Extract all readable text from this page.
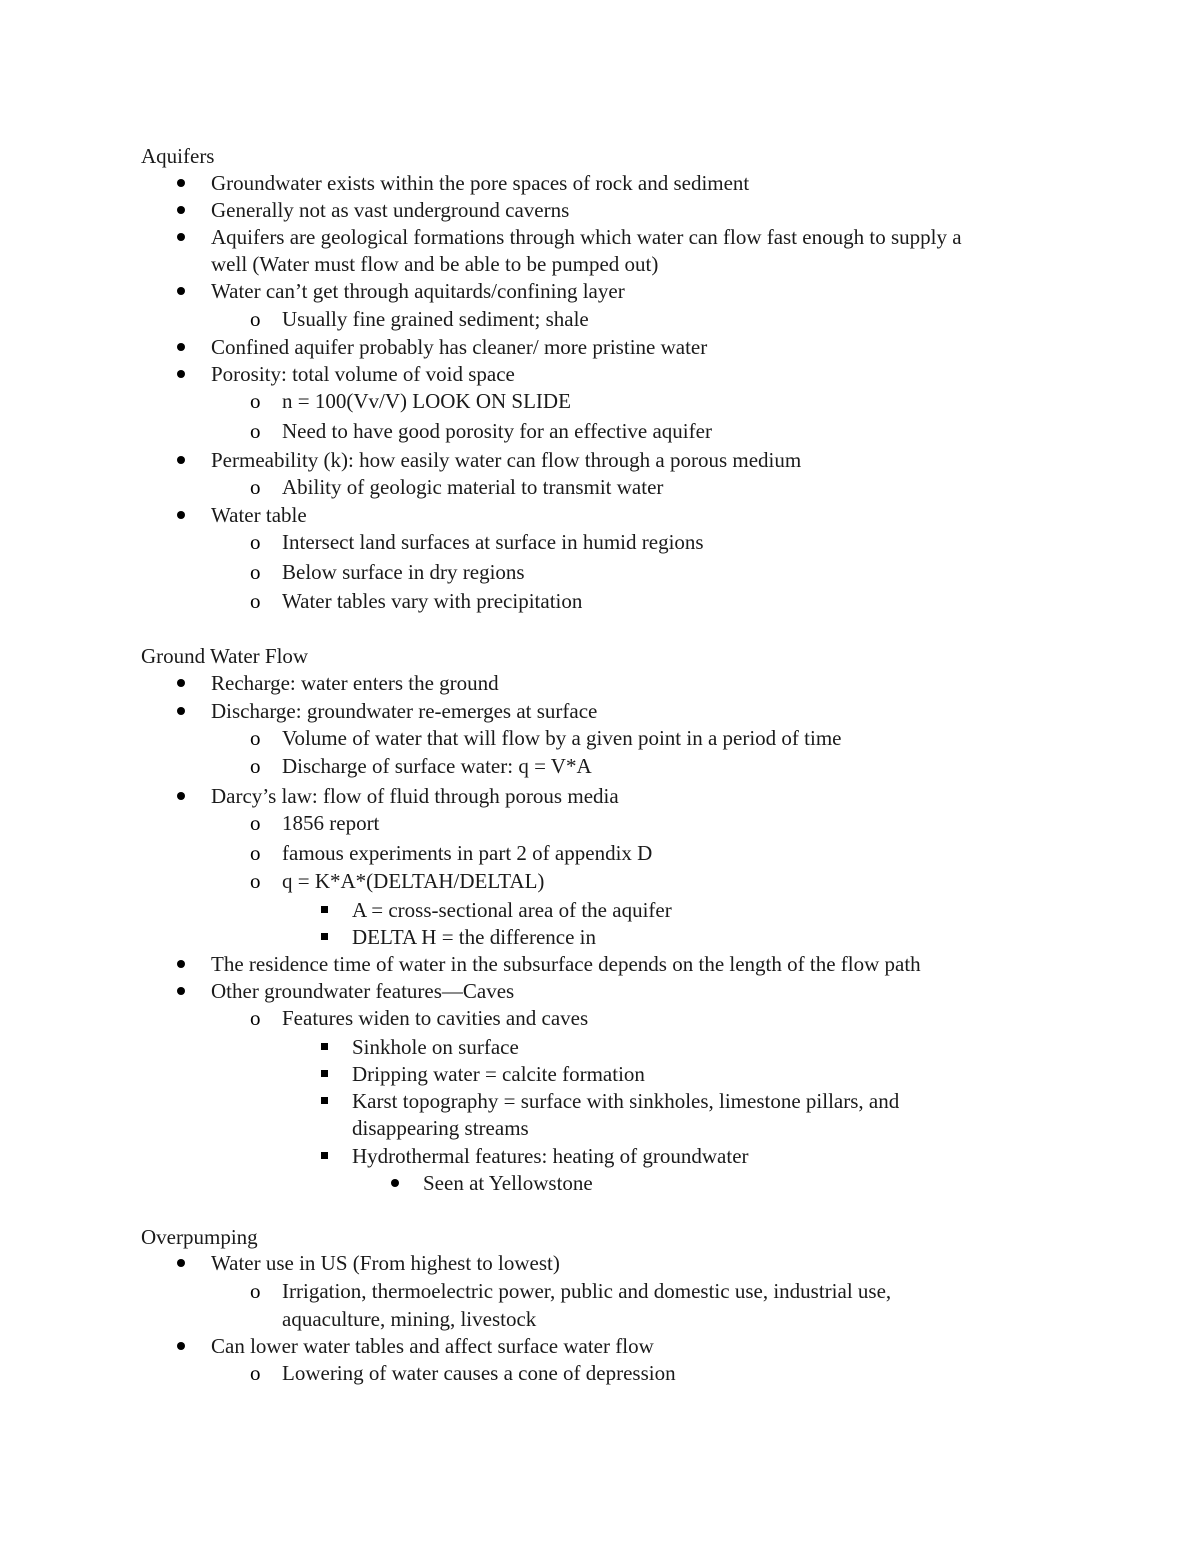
Aquifers
Groundwater exists within the pore spaces of rock and sediment
Generally not as vast underground caverns
Aquifers are geological formations through which water can flow fast enough to supply a
well (Water must flow and be able to be pumped out)
Water can’t get through aquitards/confining layer
o
Usually fine grained sediment; shale
Confined aquifer probably has cleaner/ more pristine water
Porosity: total volume of void space
o
n = 100(Vv/V) LOOK ON SLIDE
o
Need to have good porosity for an effective aquifer
Permeability (k): how easily water can flow through a porous medium
o
Ability of geologic material to transmit water
Water table
o
Intersect land surfaces at surface in humid regions
o
Below surface in dry regions
o
Water tables vary with precipitation
Ground Water Flow
Recharge: water enters the ground
Discharge: groundwater re-emerges at surface
o
Volume of water that will flow by a given point in a period of time
o
Discharge of surface water: q = V*A
Darcy’s law: flow of fluid through porous media
o
1856 report
o
famous experiments in part 2 of appendix D
o
q = K*A*(DELTAH/DELTAL)
A = cross-sectional area of the aquifer
DELTA H = the difference in
The residence time of water in the subsurface depends on the length of the flow path
Other groundwater features—Caves
o
Features widen to cavities and caves
Sinkhole on surface
Dripping water = calcite formation
Karst topography = surface with sinkholes, limestone pillars, and
disappearing streams
Hydrothermal features: heating of groundwater
Seen at Yellowstone
Overpumping
Water use in US (From highest to lowest)
o
Irrigation, thermoelectric power, public and domestic use, industrial use,
aquaculture, mining, livestock
Can lower water tables and affect surface water flow
o
Lowering of water causes a cone of depression
